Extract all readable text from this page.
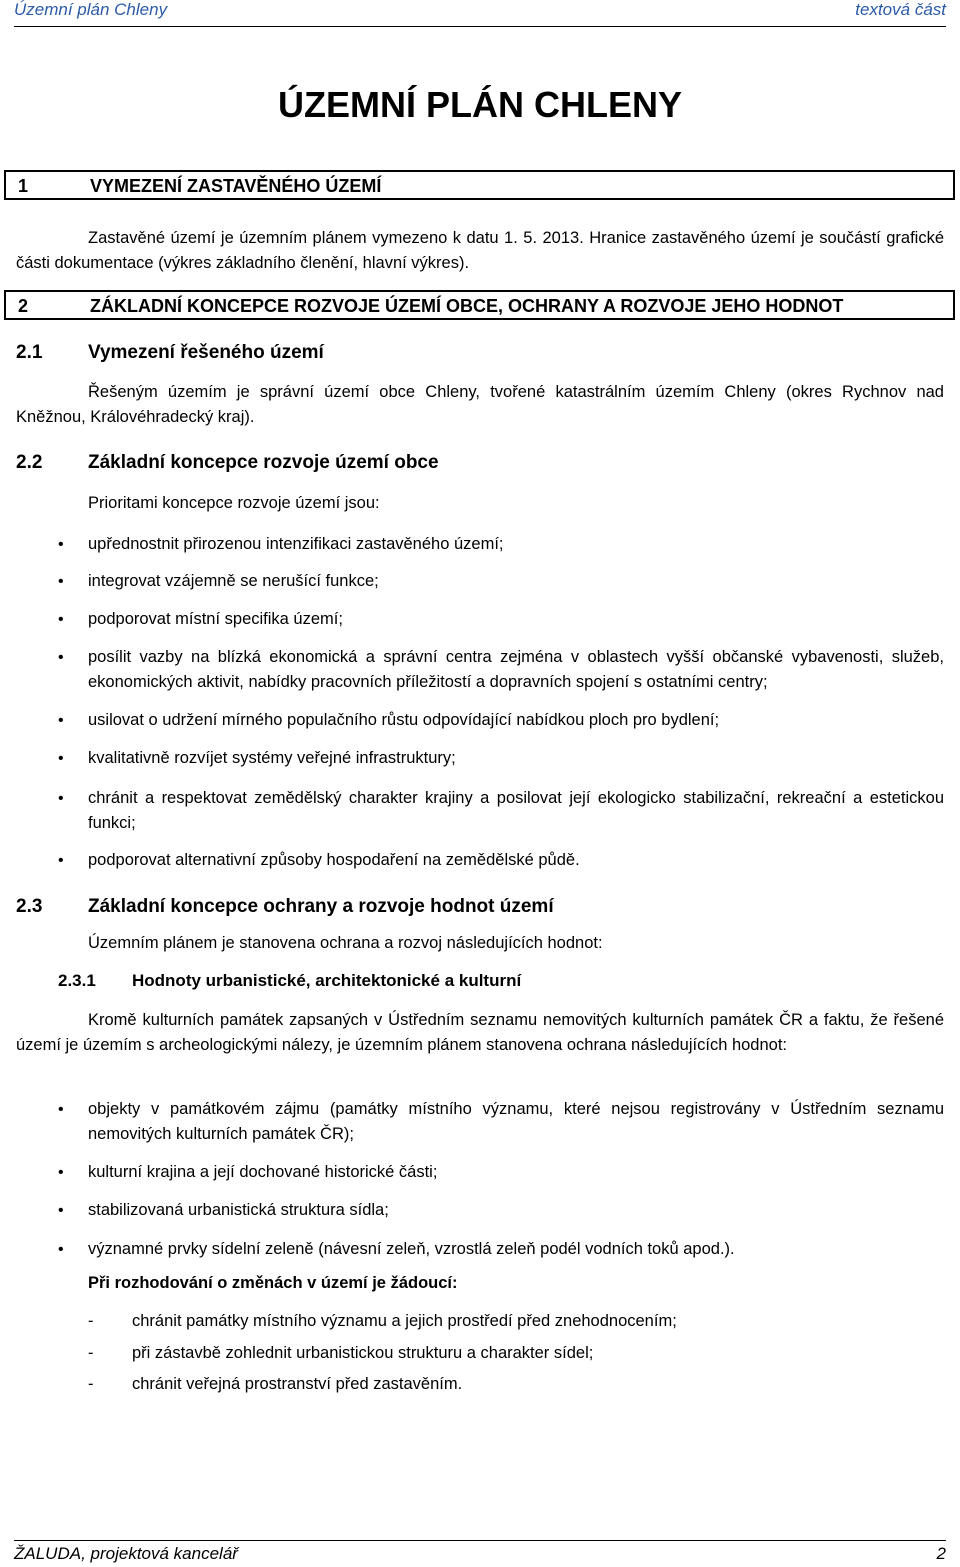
Územní plán Chleny	textová část
ÚZEMNÍ PLÁN CHLENY
1	VYMEZENÍ ZASTAVĚNÉHO ÚZEMÍ
Zastavěné území je územním plánem vymezeno k datu 1. 5. 2013. Hranice zastavěného území je součástí grafické části dokumentace (výkres základního členění, hlavní výkres).
2	ZÁKLADNÍ KONCEPCE ROZVOJE ÚZEMÍ OBCE, OCHRANY A ROZVOJE JEHO HODNOT
2.1 Vymezení řešeného území
Řešeným územím je správní území obce Chleny, tvořené katastrálním územím Chleny (okres Rychnov nad Kněžnou, Královéhradecký kraj).
2.2 Základní koncepce rozvoje území obce
Prioritami koncepce rozvoje území jsou:
• upřednostnit přirozenou intenzifikaci zastavěného území;
• integrovat vzájemně se nerušící funkce;
• podporovat místní specifika území;
• posílit vazby na blízká ekonomická a správní centra zejména v oblastech vyšší občanské vybavenosti, služeb, ekonomických aktivit, nabídky pracovních příležitostí a dopravních spojení s ostatními centry;
• usilovat o udržení mírného populačního růstu odpovídající nabídkou ploch pro bydlení;
• kvalitativně rozvíjet systémy veřejné infrastruktury;
• chránit a respektovat zemědělský charakter krajiny a posilovat její ekologicko stabilizační, rekreační a estetickou funkci;
• podporovat alternativní způsoby hospodaření na zemědělské půdě.
2.3 Základní koncepce ochrany a rozvoje hodnot území
Územním plánem je stanovena ochrana a rozvoj následujících hodnot:
2.3.1 Hodnoty urbanistické, architektonické a kulturní
Kromě kulturních památek zapsaných v Ústředním seznamu nemovitých kulturních památek ČR a faktu, že řešené území je územím s archeologickými nálezy, je územním plánem stanovena ochrana následujících hodnot:
• objekty v památkovém zájmu (památky místního významu, které nejsou registrovány v Ústředním seznamu nemovitých kulturních památek ČR);
• kulturní krajina a její dochované historické části;
• stabilizovaná urbanistická struktura sídla;
• významné prvky sídelní zeleně (návesní zeleň, vzrostlá zeleň podél vodních toků apod.).
Při rozhodování o změnách v území je žádoucí:
- chránit památky místního významu a jejich prostředí před znehodnocením;
- při zástavbě zohlednit urbanistickou strukturu a charakter sídel;
- chránit veřejná prostranství před zastavěním.
ŽALUDA, projektová kancelář	2
